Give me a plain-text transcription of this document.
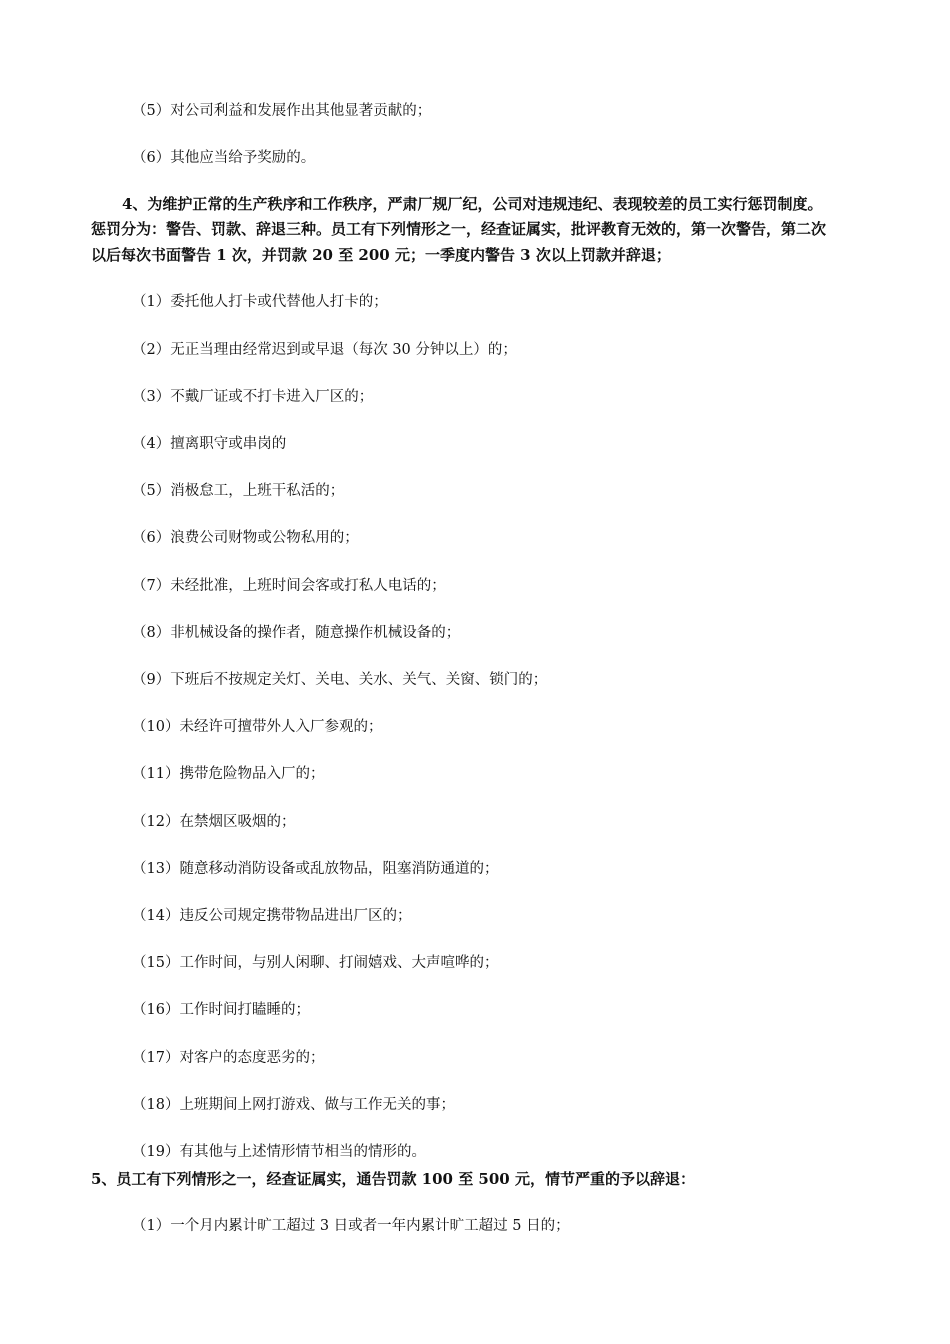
（5）对公司利益和发展作出其他显著贡献的；
（6）其他应当给予奖励的。
4、为维护正常的生产秩序和工作秩序，严肃厂规厂纪，公司对违规违纪、表现较差的员工实行惩罚制度。
惩罚分为：警告、罚款、辞退三种。员工有下列情形之一，经查证属实，批评教育无效的，第一次警告，第二次
以后每次书面警告 1 次，并罚款 20 至 200 元；一季度内警告 3 次以上罚款并辞退；
（1）委托他人打卡或代替他人打卡的；
（2）无正当理由经常迟到或早退（每次 30 分钟以上）的；
（3）不戴厂证或不打卡进入厂区的；
（4）擅离职守或串岗的
（5）消极怠工，上班干私活的；
（6）浪费公司财物或公物私用的；
（7）未经批准，上班时间会客或打私人电话的；
（8）非机械设备的操作者，随意操作机械设备的；
（9）下班后不按规定关灯、关电、关水、关气、关窗、锁门的；
（10）未经许可擅带外人入厂参观的；
（11）携带危险物品入厂的；
（12）在禁烟区吸烟的；
（13）随意移动消防设备或乱放物品，阻塞消防通道的；
（14）违反公司规定携带物品进出厂区的；
（15）工作时间，与别人闲聊、打闹嬉戏、大声喧哗的；
（16）工作时间打瞌睡的；
（17）对客户的态度恶劣的；
（18）上班期间上网打游戏、做与工作无关的事；
（19）有其他与上述情形情节相当的情形的。
5、员工有下列情形之一，经查证属实，通告罚款 100 至 500 元，情节严重的予以辞退：
（1）一个月内累计旷工超过 3 日或者一年内累计旷工超过 5 日的；
